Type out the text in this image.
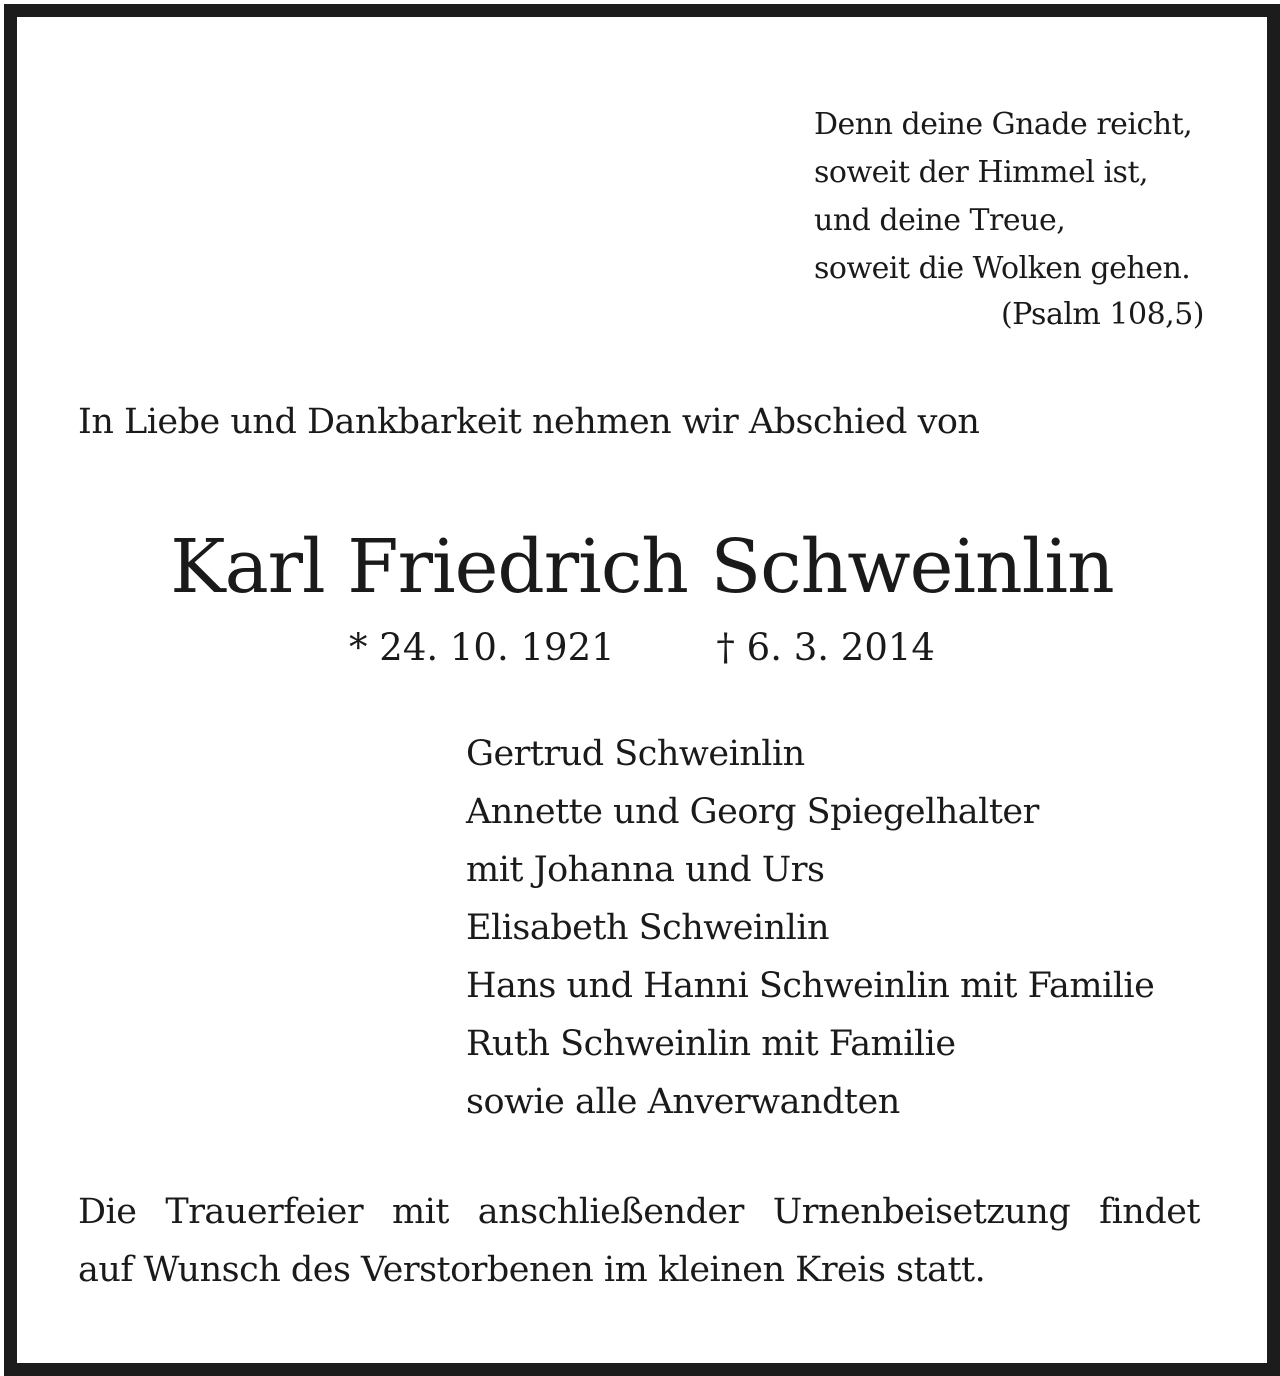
Denn deine Gnade reicht,
soweit der Himmel ist,
und deine Treue,
soweit die Wolken gehen.
(Psalm 108,5)
In Liebe und Dankbarkeit nehmen wir Abschied von
Karl Friedrich Schweinlin
* 24. 10. 1921	† 6. 3. 2014
Gertrud Schweinlin
Annette und Georg Spiegelhalter
mit Johanna und Urs
Elisabeth Schweinlin
Hans und Hanni Schweinlin mit Familie
Ruth Schweinlin mit Familie
sowie alle Anverwandten
Die Trauerfeier mit anschließender Urnenbeisetzung findet
auf Wunsch des Verstorbenen im kleinen Kreis statt.
